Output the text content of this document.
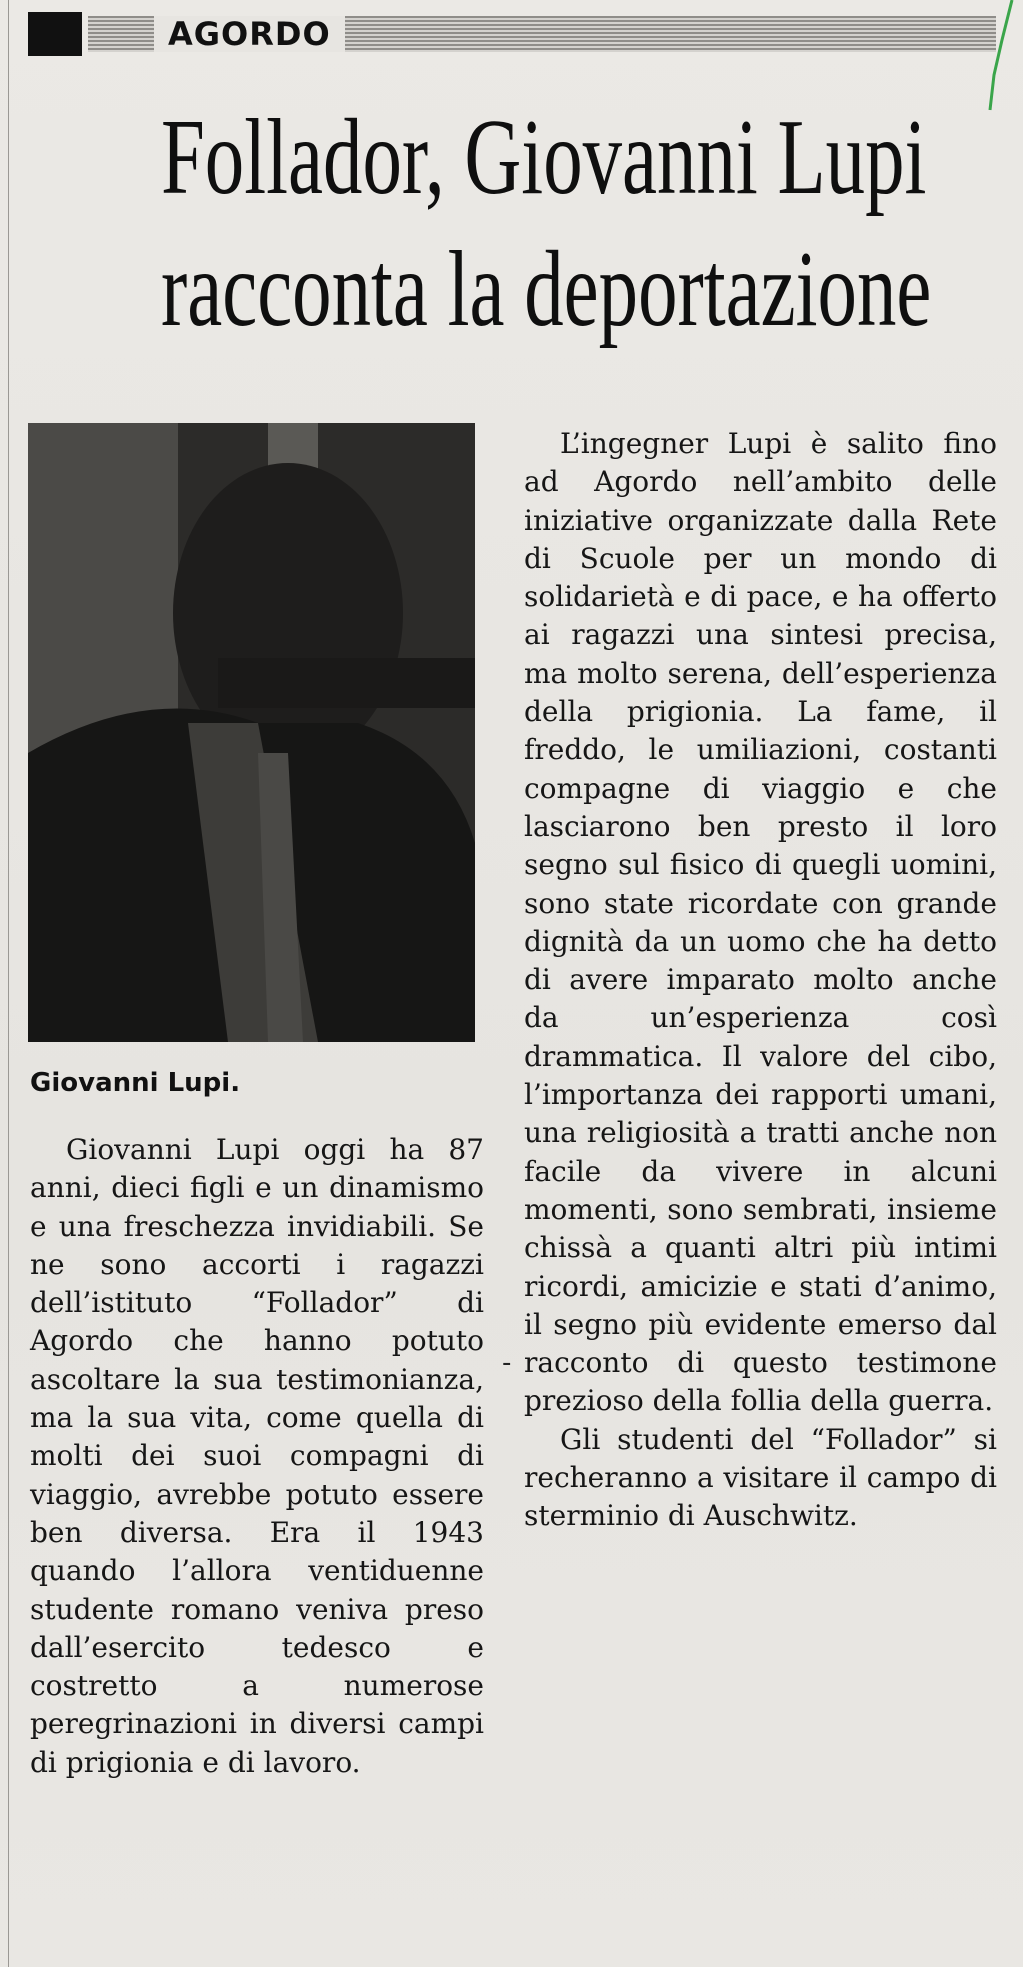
AGORDO
Follador, Giovanni Lupi
racconta la deportazione
Giovanni Lupi.

Giovanni Lupi oggi ha 87 anni, dieci figli e un dinamismo e una freschezza invidiabili. Se ne sono accorti i ragazzi dell’istituto “Follador” di Agordo che hanno potuto ascoltare la sua testimonianza, ma la sua vita, come quella di molti dei suoi compagni di viaggio, avrebbe potuto essere ben diversa. Era il 1943 quando l’allora ventiduenne studente romano veniva preso dall’esercito tedesco e costretto a numerose peregrinazioni in diversi campi di prigionia e di lavoro.

-

L’ingegner Lupi è salito fino ad Agordo nell’ambito delle iniziative organizzate dalla Rete di Scuole per un mondo di solidarietà e di pace, e ha offerto ai ragazzi una sintesi precisa, ma molto serena, dell’esperienza della prigionia. La fame, il freddo, le umiliazioni, costanti compagne di viaggio e che lasciarono ben presto il loro segno sul fisico di quegli uomini, sono state ricordate con grande dignità da un uomo che ha detto di avere imparato molto anche da un’esperienza così drammatica. Il valore del cibo, l’importanza dei rapporti umani, una religiosità a tratti anche non facile da vivere in alcuni momenti, sono sembrati, insieme chissà a quanti altri più intimi ricordi, amicizie e stati d’animo, il segno più evidente emerso dal racconto di questo testimone prezioso della follia della guerra.

Gli studenti del “Follador” si recheranno a visitare il campo di sterminio di Auschwitz.
